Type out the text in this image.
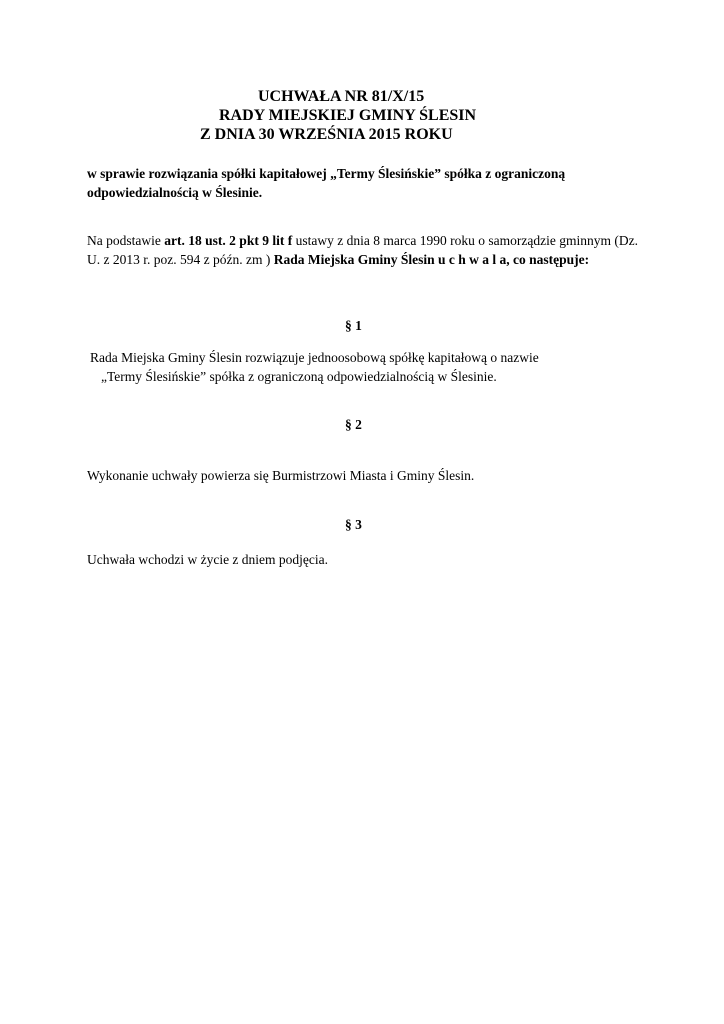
UCHWAŁA NR 81/X/15
RADY MIEJSKIEJ GMINY ŚLESIN
Z DNIA 30 WRZEŚNIA 2015 ROKU
w sprawie rozwiązania spółki kapitałowej „Termy Ślesińskie” spółka z ograniczoną
odpowiedzialnością w Ślesinie.
Na podstawie art. 18 ust. 2 pkt 9 lit f ustawy z dnia 8 marca 1990 roku o samorządzie gminnym (Dz. U. z 2013 r. poz. 594 z późn. zm ) Rada Miejska Gminy Ślesin u c h w a l a, co następuje:
§ 1
Rada Miejska Gminy Ślesin rozwiązuje jednoosobową spółkę kapitałową o nazwie
„Termy Ślesińskie” spółka z ograniczoną odpowiedzialnością w Ślesinie.
§ 2
Wykonanie uchwały powierza się Burmistrzowi Miasta i Gminy Ślesin.
§ 3
Uchwała wchodzi w życie z dniem podjęcia.
